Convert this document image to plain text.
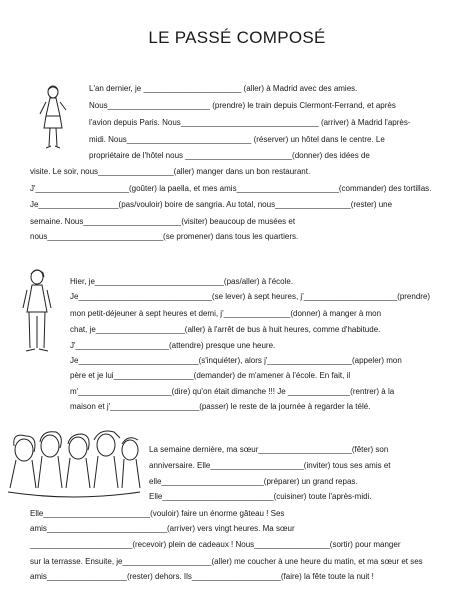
LE PASSÉ COMPOSÉ
L'an dernier, je ______________________ (aller) à Madrid avec des amies.
Nous_______________________ (prendre) le train depuis Clermont-Ferrand, et après
l'avion depuis Paris. Nous_______________________________ (arriver) à Madrid l'après-
midi. Nous____________________________ (réserver) un hôtel dans le centre. Le
propriétaire de l'hôtel nous ________________________(donner) des idées de
visite. Le soir, nous_________________(aller) manger dans un bon restaurant.
J'_____________________(goûter) la paella, et mes amis_______________________(commander) des tortillas.
Je__________________(pas/vouloir) boire de sangria. Au total, nous_________________(rester) une
semaine. Nous______________________(visiter) beaucoup de musées et
nous__________________________(se promener) dans tous les quartiers.
Hier, je_____________________________(pas/aller) à l'école.
Je______________________________(se lever) à sept heures, j'_____________________(prendre)
mon petit-déjeuner à sept heures et demi, j'_______________(donner) à manger à mon
chat, je____________________(aller) à l'arrêt de bus à huit heures, comme d'habitude.
J'_____________________(attendre) presque une heure.
Je___________________________(s'inquiéter), alors j'___________________(appeler) mon
père et je lui__________________(demander) de m'amener à l'école. En fait, il
m'_____________________(dire) qu'on était dimanche !!! Je ______________(rentrer) à la
maison et j'____________________(passer) le reste de la journée à regarder la télé.
La semaine dernière, ma sœur_____________________(fêter) son
anniversaire. Elle_____________________(inviter) tous ses amis et
elle_______________________(préparer) un grand repas.
Elle_________________________(cuisiner) toute l'après-midi.
Elle________________________(vouloir) faire un énorme gâteau ! Ses
amis___________________________(arriver) vers vingt heures. Ma sœur
_______________________(recevoir) plein de cadeaux ! Nous_________________(sortir) pour manger
sur la terrasse. Ensuite, je____________________(aller) me coucher à une heure du matin, et ma sœur et ses
amis__________________(rester) dehors. Ils____________________(faire) la fête toute la nuit !
